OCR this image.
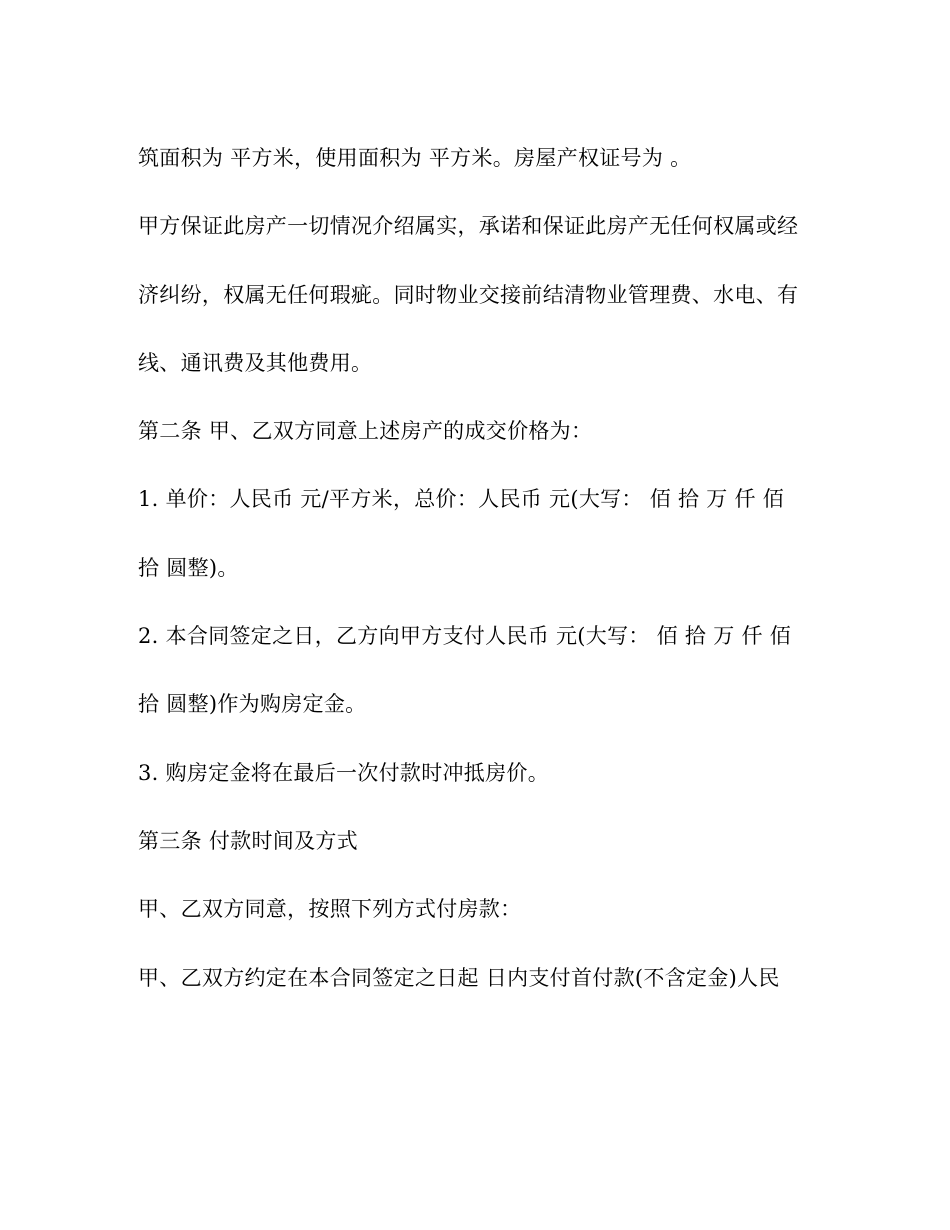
筑面积为 平方米，使用面积为 平方米。房屋产权证号为 。

甲方保证此房产一切情况介绍属实，承诺和保证此房产无任何权属或经

济纠纷，权属无任何瑕疵。同时物业交接前结清物业管理费、水电、有

线、通讯费及其他费用。

第二条 甲、乙双方同意上述房产的成交价格为：

1. 单价：人民币 元/平方米，总价：人民币 元(大写： 佰 拾 万 仟 佰

拾 圆整)。

2. 本合同签定之日，乙方向甲方支付人民币 元(大写： 佰 拾 万 仟 佰

拾 圆整)作为购房定金。

3. 购房定金将在最后一次付款时冲抵房价。

第三条 付款时间及方式

甲、乙双方同意，按照下列方式付房款：

甲、乙双方约定在本合同签定之日起 日内支付首付款(不含定金)人民
